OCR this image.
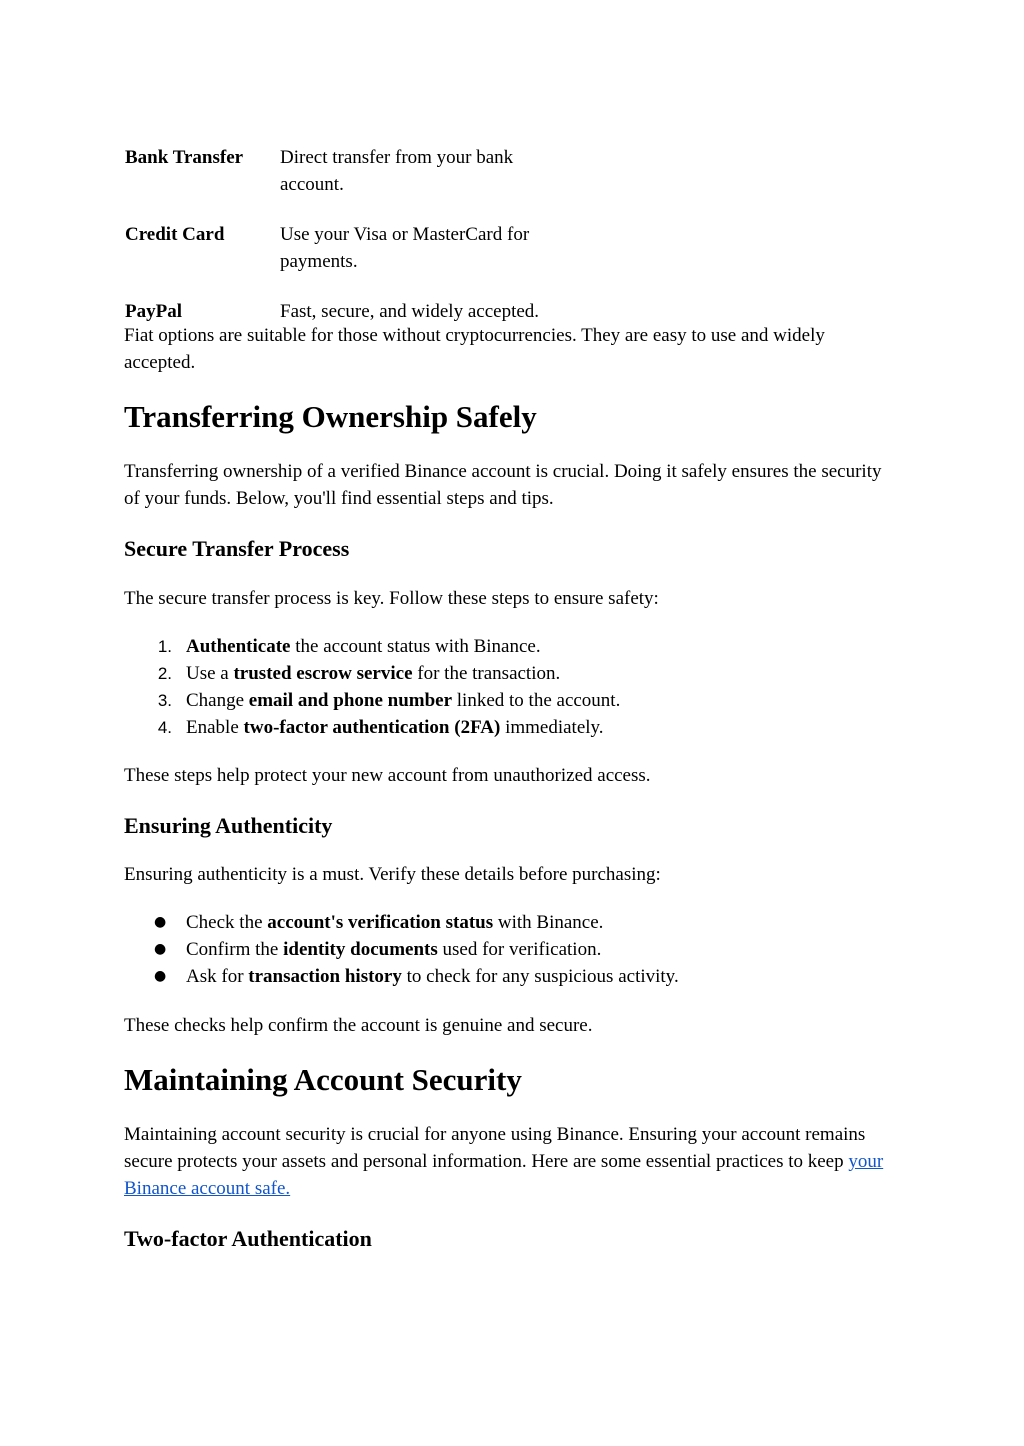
Bank Transfer	Direct transfer from your bank account.
Credit Card	Use your Visa or MasterCard for payments.
PayPal	Fast, secure, and widely accepted.

Fiat options are suitable for those without cryptocurrencies. They are easy to use and widely accepted.

Transferring Ownership Safely

Transferring ownership of a verified Binance account is crucial. Doing it safely ensures the security of your funds. Below, you'll find essential steps and tips.

Secure Transfer Process

The secure transfer process is key. Follow these steps to ensure safety:

1. Authenticate the account status with Binance.
2. Use a trusted escrow service for the transaction.
3. Change email and phone number linked to the account.
4. Enable two-factor authentication (2FA) immediately.

These steps help protect your new account from unauthorized access.

Ensuring Authenticity

Ensuring authenticity is a must. Verify these details before purchasing:

●	Check the account's verification status with Binance.
●	Confirm the identity documents used for verification.
●	Ask for transaction history to check for any suspicious activity.

These checks help confirm the account is genuine and secure.

Maintaining Account Security

Maintaining account security is crucial for anyone using Binance. Ensuring your account remains secure protects your assets and personal information. Here are some essential practices to keep your Binance account safe.

Two-factor Authentication
